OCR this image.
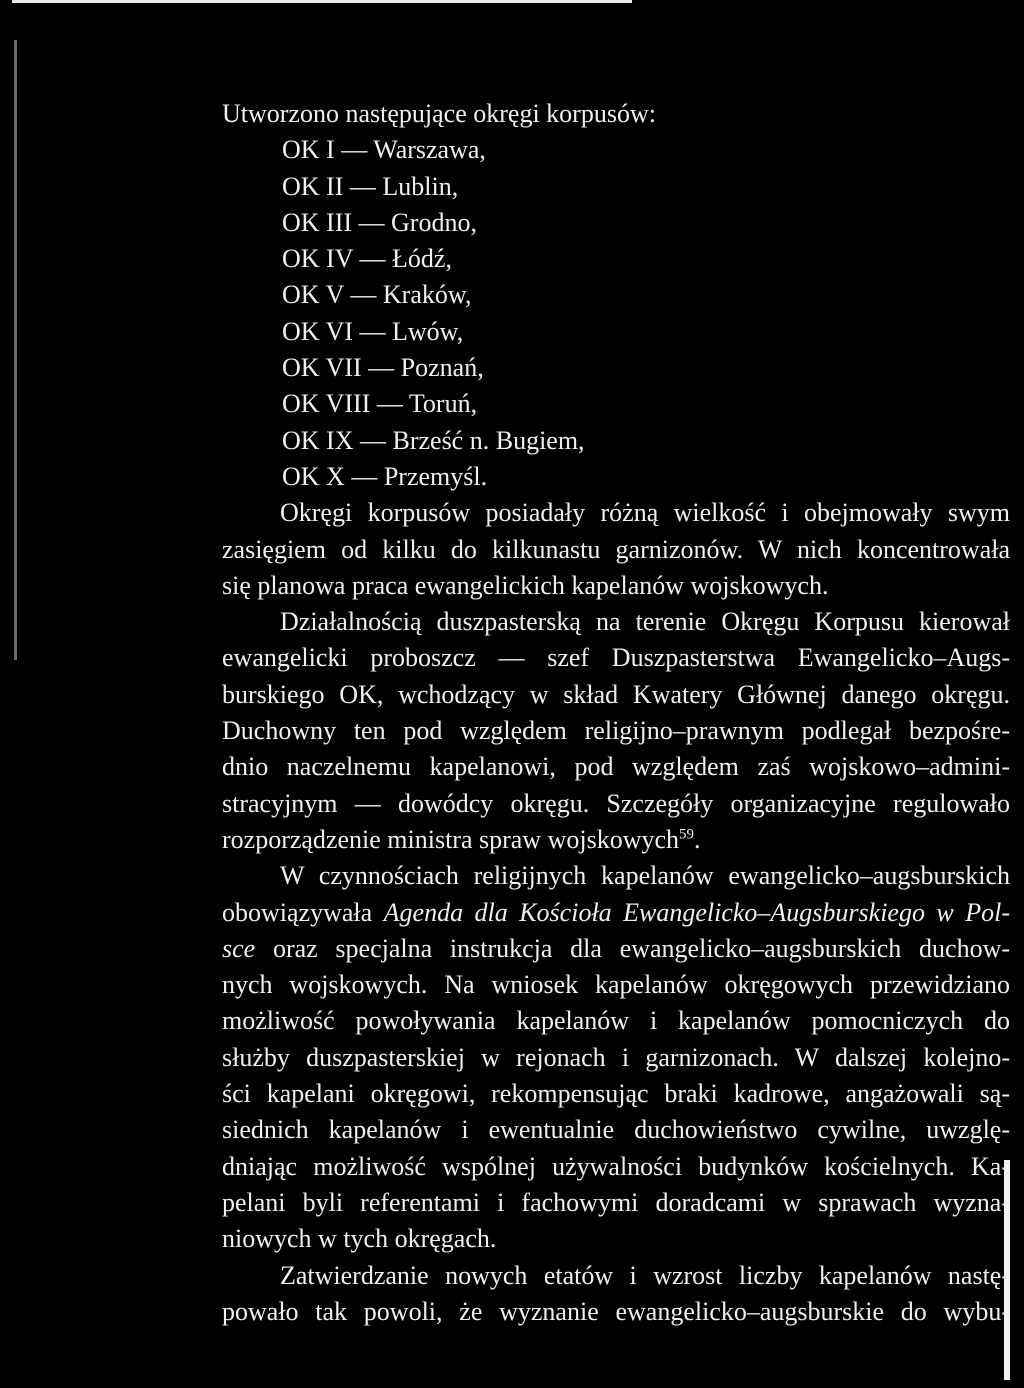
Utworzono następujące okręgi korpusów:

OK I — Warszawa,

OK II — Lublin,

OK III — Grodno,

OK IV — Łódź,

OK V — Kraków,

OK VI — Lwów,

OK VII — Poznań,

OK VIII — Toruń,

OK IX — Brześć n. Bugiem,

OK X — Przemyśl.

Okręgi korpusów posiadały różną wielkość i obejmowały swym

zasięgiem od kilku do kilkunastu garnizonów. W nich koncentrowała

się planowa praca ewangelickich kapelanów wojskowych.

Działalnością duszpasterską na terenie Okręgu Korpusu kierował

ewangelicki proboszcz — szef Duszpasterstwa Ewangelicko–Augs-

burskiego OK, wchodzący w skład Kwatery Głównej danego okręgu.

Duchowny ten pod względem religijno–prawnym podlegał bezpośre-

dnio naczelnemu kapelanowi, pod względem zaś wojskowo–admini-

stracyjnym — dowódcy okręgu. Szczegóły organizacyjne regulowało

rozporządzenie ministra spraw wojskowych$^{59}$.

W czynnościach religijnych kapelanów ewangelicko–augsburskich

obowiązywała Agenda dla Kościoła Ewangelicko–Augsburskiego w Pol-

sce oraz specjalna instrukcja dla ewangelicko–augsburskich duchow-

nych wojskowych. Na wniosek kapelanów okręgowych przewidziano

możliwość powoływania kapelanów i kapelanów pomocniczych do

służby duszpasterskiej w rejonach i garnizonach. W dalszej kolejno-

ści kapelani okręgowi, rekompensując braki kadrowe, angażowali są-

siednich kapelanów i ewentualnie duchowieństwo cywilne, uwzglę-

dniając możliwość wspólnej używalności budynków kościelnych. Ka-

pelani byli referentami i fachowymi doradcami w sprawach wyzna-

niowych w tych okręgach.

Zatwierdzanie nowych etatów i wzrost liczby kapelanów nastę-

powało tak powoli, że wyznanie ewangelicko–augsburskie do wybu-
